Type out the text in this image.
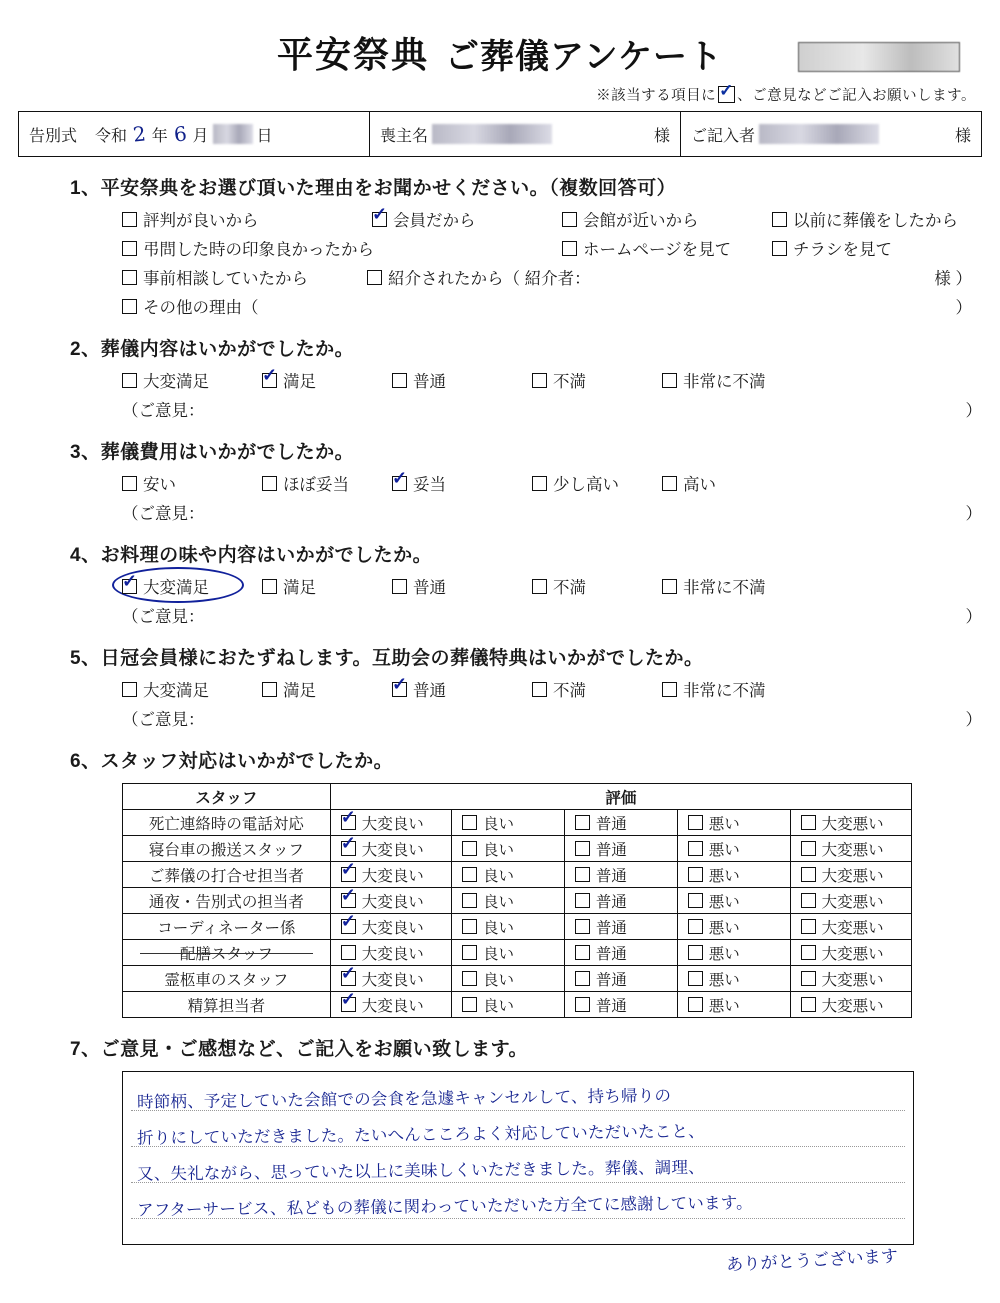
平安祭典 ご葬儀アンケート
※該当する項目に ✓ 、ご意見などご記入お願いします。
告別式 令和 2 年 6 月	日	喪主名	様 ご記入者	様
1、平安祭典をお選び頂いた理由をお聞かせください。（複数回答可）
評判が良いから ✓	会員だから	会館が近いから	以前に葬儀をしたから
弔問した時の印象良かったから	ホームページを見て	チラシを見て
事前相談していたから	紹介されたから（ 紹介者：	様 ）
その他の理由（	）
2、葬儀内容はいかがでしたか。
大変満足 ✓	満足	普通	不満	非常に不満
（ご意見：	）
3、葬儀費用はいかがでしたか。
安い	ほぼ妥当 ✓	妥当	少し高い	高い
（ご意見：	）
4、お料理の味や内容はいかがでしたか。
✓大変満足	満足	普通	不満	非常に不満
（ご意見：	）
5、日冠会員様におたずねします。互助会の葬儀特典はいかがでしたか。
大変満足	満足 ✓	普通	不満	非常に不満
（ご意見：	）
6、スタッフ対応はいかがでしたか。
スタッフ	評価				
死亡連絡時の電話対応	✓大変良い	良い	普通	悪い	大変悪い
寝台車の搬送スタッフ	✓大変良い	良い	普通	悪い	大変悪い
ご葬儀の打合せ担当者	✓大変良い	良い	普通	悪い	大変悪い
通夜・告別式の担当者	✓大変良い	良い	普通	悪い	大変悪い
コーディネーター係	✓大変良い	良い	普通	悪い	大変悪い
配膳スタッフ	大変良い	良い	普通	悪い	大変悪い
霊柩車のスタッフ	✓大変良い	良い	普通	悪い	大変悪い
精算担当者	✓大変良い	良い	普通	悪い	大変悪い
7、ご意見・ご感想など、ご記入をお願い致します。
時節柄、予定していた会館での会食を急遽キャンセルして、持ち帰りの
折りにしていただきました。たいへんこころよく対応していただいたこと、
又、失礼ながら、思っていた以上に美味しくいただきました。葬儀、調理、
アフターサービス、私どもの葬儀に関わっていただいた方全てに感謝しています。
ありがとうございます
